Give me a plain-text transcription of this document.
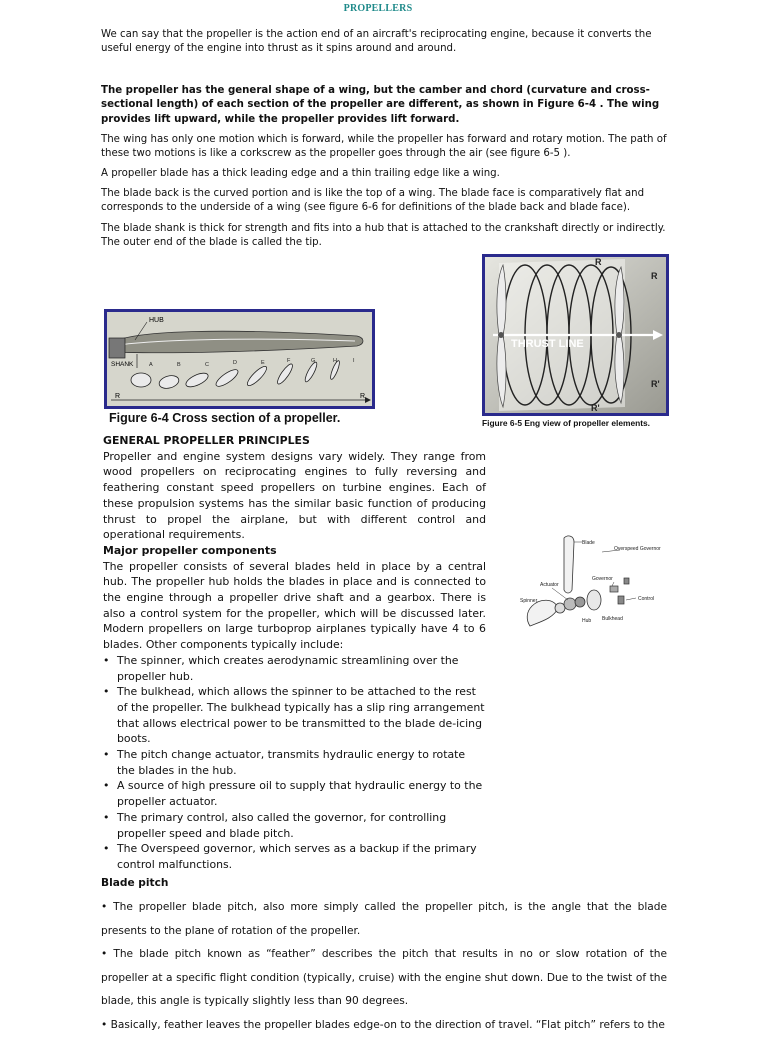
PROPELLERS

We can say that the propeller is the action end of an aircraft's reciprocating engine, because it converts the useful energy of the engine into thrust as it spins around and around.

The propeller has the general shape of a wing, but the camber and chord (curvature and cross-sectional length) of each section of the propeller are different, as shown in Figure 6-4 . The wing provides lift upward, while the propeller provides lift forward.

The wing has only one motion which is forward, while the propeller has forward and rotary motion. The path of these two motions is like a corkscrew as the propeller goes through the air (see figure 6-5 ).

A propeller blade has a thick leading edge and a thin trailing edge like a wing.

The blade back is the curved portion and is like the top of a wing. The blade face is comparatively flat and corresponds to the underside of a wing (see figure 6-6 for definitions of the blade back and blade face).

The blade shank is thick for strength and fits into a hub that is attached to the crankshaft directly or indirectly. The outer end of the blade is called the tip.

HUB
SHANK
R	R
A	B	C	D	E	F	G	H	I
Figure 6-4 Cross section of a propeller.
THRUST LINE
R
R
R'
R'
Figure 6-5 Eng view of propeller elements.
GENERAL PROPELLER PRINCIPLES

Propeller and engine system designs vary widely. They range from wood propellers on reciprocating engines to fully reversing and feathering constant speed propellers on turbine engines. Each of these propulsion systems has the similar basic function of producing thrust to propel the airplane, but with different control and operational requirements.

Major propeller components

The propeller consists of several blades held in place by a central hub. The propeller hub holds the blades in place and is connected to the engine through a propeller drive shaft and a gearbox. There is also a control system for the propeller, which will be discussed later. Modern propellers on large turboprop airplanes typically have 4 to 6 blades. Other components typically include:

• The spinner, which creates aerodynamic streamlining over the propeller hub.
• The bulkhead, which allows the spinner to be attached to the rest of the propeller. The bulkhead typically has a slip ring arrangement that allows electrical power to be transmitted to the blade de-icing boots.
• The pitch change actuator, transmits hydraulic energy to rotate the blades in the hub.
• A source of high pressure oil to supply that hydraulic energy to the propeller actuator.
• The primary control, also called the governor, for controlling propeller speed and blade pitch.
• The Overspeed governor, which serves as a backup if the primary control malfunctions.
Blade
Overspeed Governor
Governor
Actuator
Control
Spinner
Hub Bulkhead
Blade pitch
• The propeller blade pitch, also more simply called the propeller pitch, is the angle that the blade presents to the plane of rotation of the propeller.
• The blade pitch known as “feather” describes the pitch that results in no or slow rotation of the propeller at a specific flight condition (typically, cruise) with the engine shut down. Due to the twist of the blade, this angle is typically slightly less than 90 degrees.
• Basically, feather leaves the propeller blades edge-on to the direction of travel. “Flat pitch” refers to the
